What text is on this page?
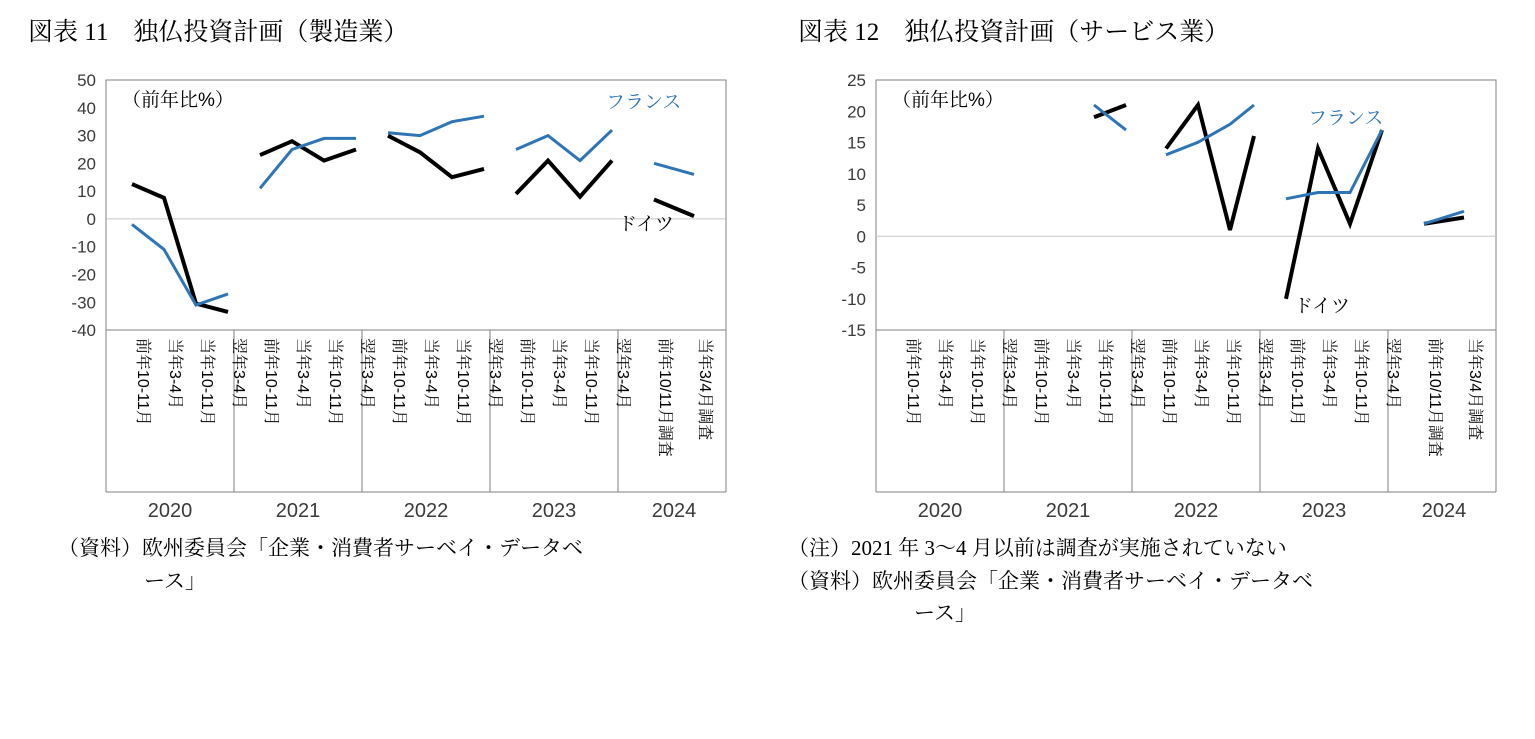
図表 11　独仏投資計画（製造業）
50
40
30
20
10
0
-10
-20
-30
-40
（前年比%）	フランス
ドイツ
前年10-11月 当年3-4月 当年10-11月 翌年3-4月 前年10-11月 当年3-4月 当年10-11月 翌年3-4月 前年10-11月 当年3-4月 当年10-11月 翌年3-4月 前年10-11月 当年3-4月 当年10-11月 翌年3-4月 前年10/11月調査 当年3/4月調査
2020	2021	2022	2023	2024
（資料）欧州委員会「企業・消費者サーベイ・データベ
ース」
図表 12　独仏投資計画（サービス業）
25
20
15
10
5
0
-5
-10
-15
（前年比%）
フランス
ドイツ
前年10-11月 当年3-4月 当年10-11月 翌年3-4月 前年10-11月 当年3-4月 当年10-11月 翌年3-4月 前年10-11月 当年3-4月 当年10-11月 翌年3-4月 前年10-11月 当年3-4月 当年10-11月 翌年3-4月 前年10/11月調査 当年3/4月調査
2020	2021	2022	2023	2024
（注）2021 年 3〜4 月以前は調査が実施されていない
（資料）欧州委員会「企業・消費者サーベイ・データベ
ース」
